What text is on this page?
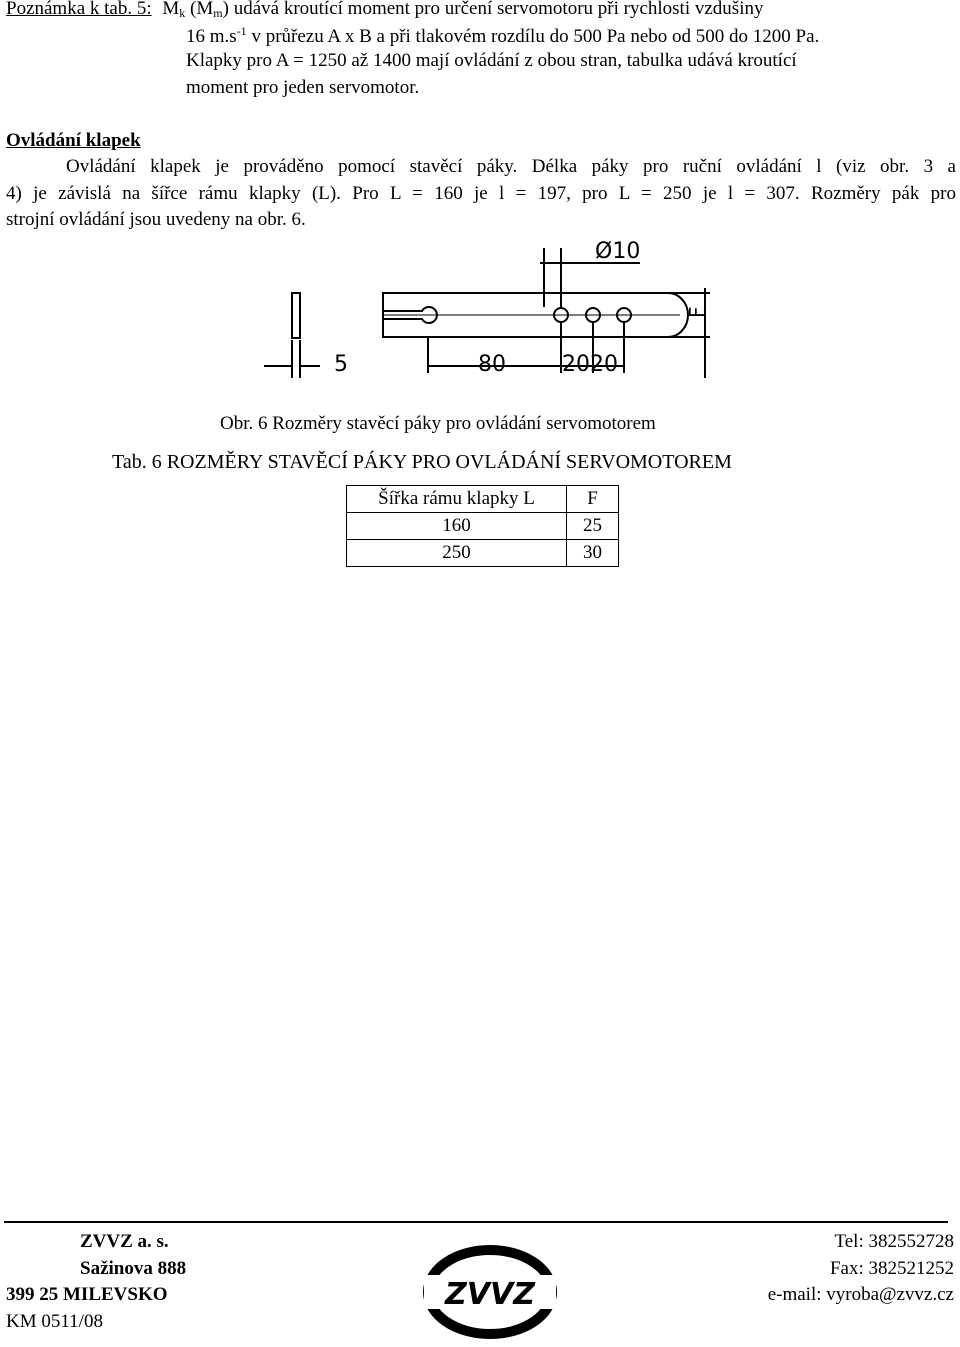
Poznámka k tab. 5: $M_k$ $(M_m)$ udává kroutící moment pro určení servomotoru při rychlosti vzdušiny
16 $m.s^{-1}$ v průřezu A x B a při tlakovém rozdílu do 500 Pa nebo od 500 do 1200 Pa.
Klapky pro A = 1250 až 1400 mají ovládání z obou stran, tabulka udává kroutící
moment pro jeden servomotor.
Ovládání klapek
Ovládání klapek je prováděno pomocí stavěcí páky. Délka páky pro ruční ovládání l (viz obr. 3 a
4) je závislá na šířce rámu klapky (L). Pro L = 160 je l = 197, pro L = 250 je l = 307. Rozměry pák pro
strojní ovládání jsou uvedeny na obr. 6.
Ø10
5	80	2020
F
Obr. 6 Rozměry stavěcí páky pro ovládání servomotorem
Tab. 6 ROZMĚRY STAVĚCÍ PÁKY PRO OVLÁDÁNÍ SERVOMOTOREM
Šířka rámu klapky L	F
160	25
250	30
ZVVZ a. s.
Sažinova 888
399 25 MILEVSKO
KM 0511/08
ZVVZ
Tel: 382552728
Fax: 382521252
e-mail: vyroba@zvvz.cz
